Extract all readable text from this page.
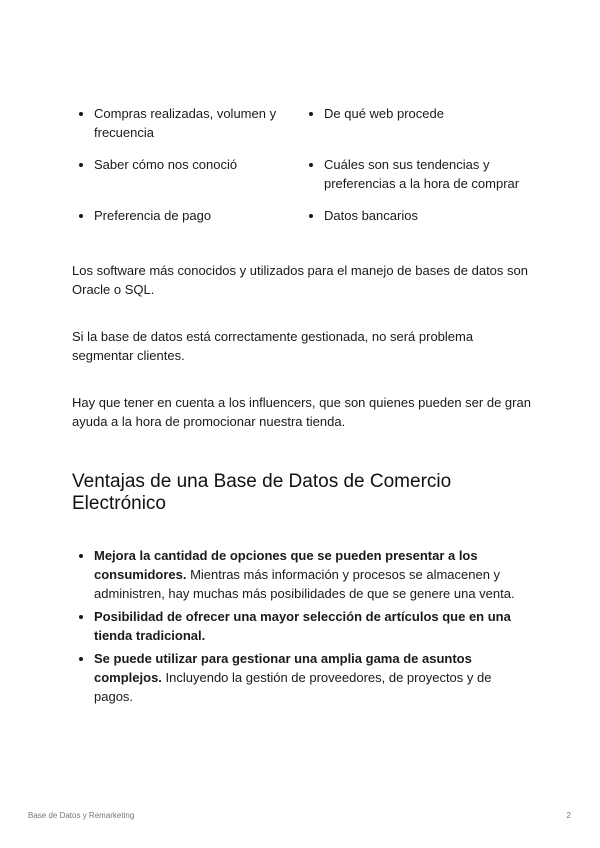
Compras realizadas, volumen y frecuencia
De qué web procede
Saber cómo nos conoció	Cuáles son sus tendencias y preferencias a la hora de comprar
Preferencia de pago	Datos bancarios

Los software más conocidos y utilizados para el manejo de bases de datos son Oracle o SQL.

Si la base de datos está correctamente gestionada, no será problema segmentar clientes.

Hay que tener en cuenta a los influencers, que son quienes pueden ser de gran ayuda a la hora de promocionar nuestra tienda.

Ventajas de una Base de Datos de Comercio Electrónico
Mejora la cantidad de opciones que se pueden presentar a los consumidores. Mientras más información y procesos se almacenen y administren, hay muchas más posibilidades de que se genere una venta.
Posibilidad de ofrecer una mayor selección de artículos que en una tienda tradicional.
Se puede utilizar para gestionar una amplia gama de asuntos complejos. Incluyendo la gestión de proveedores, de proyectos y de pagos.
Base de Datos y Remarketing	2
